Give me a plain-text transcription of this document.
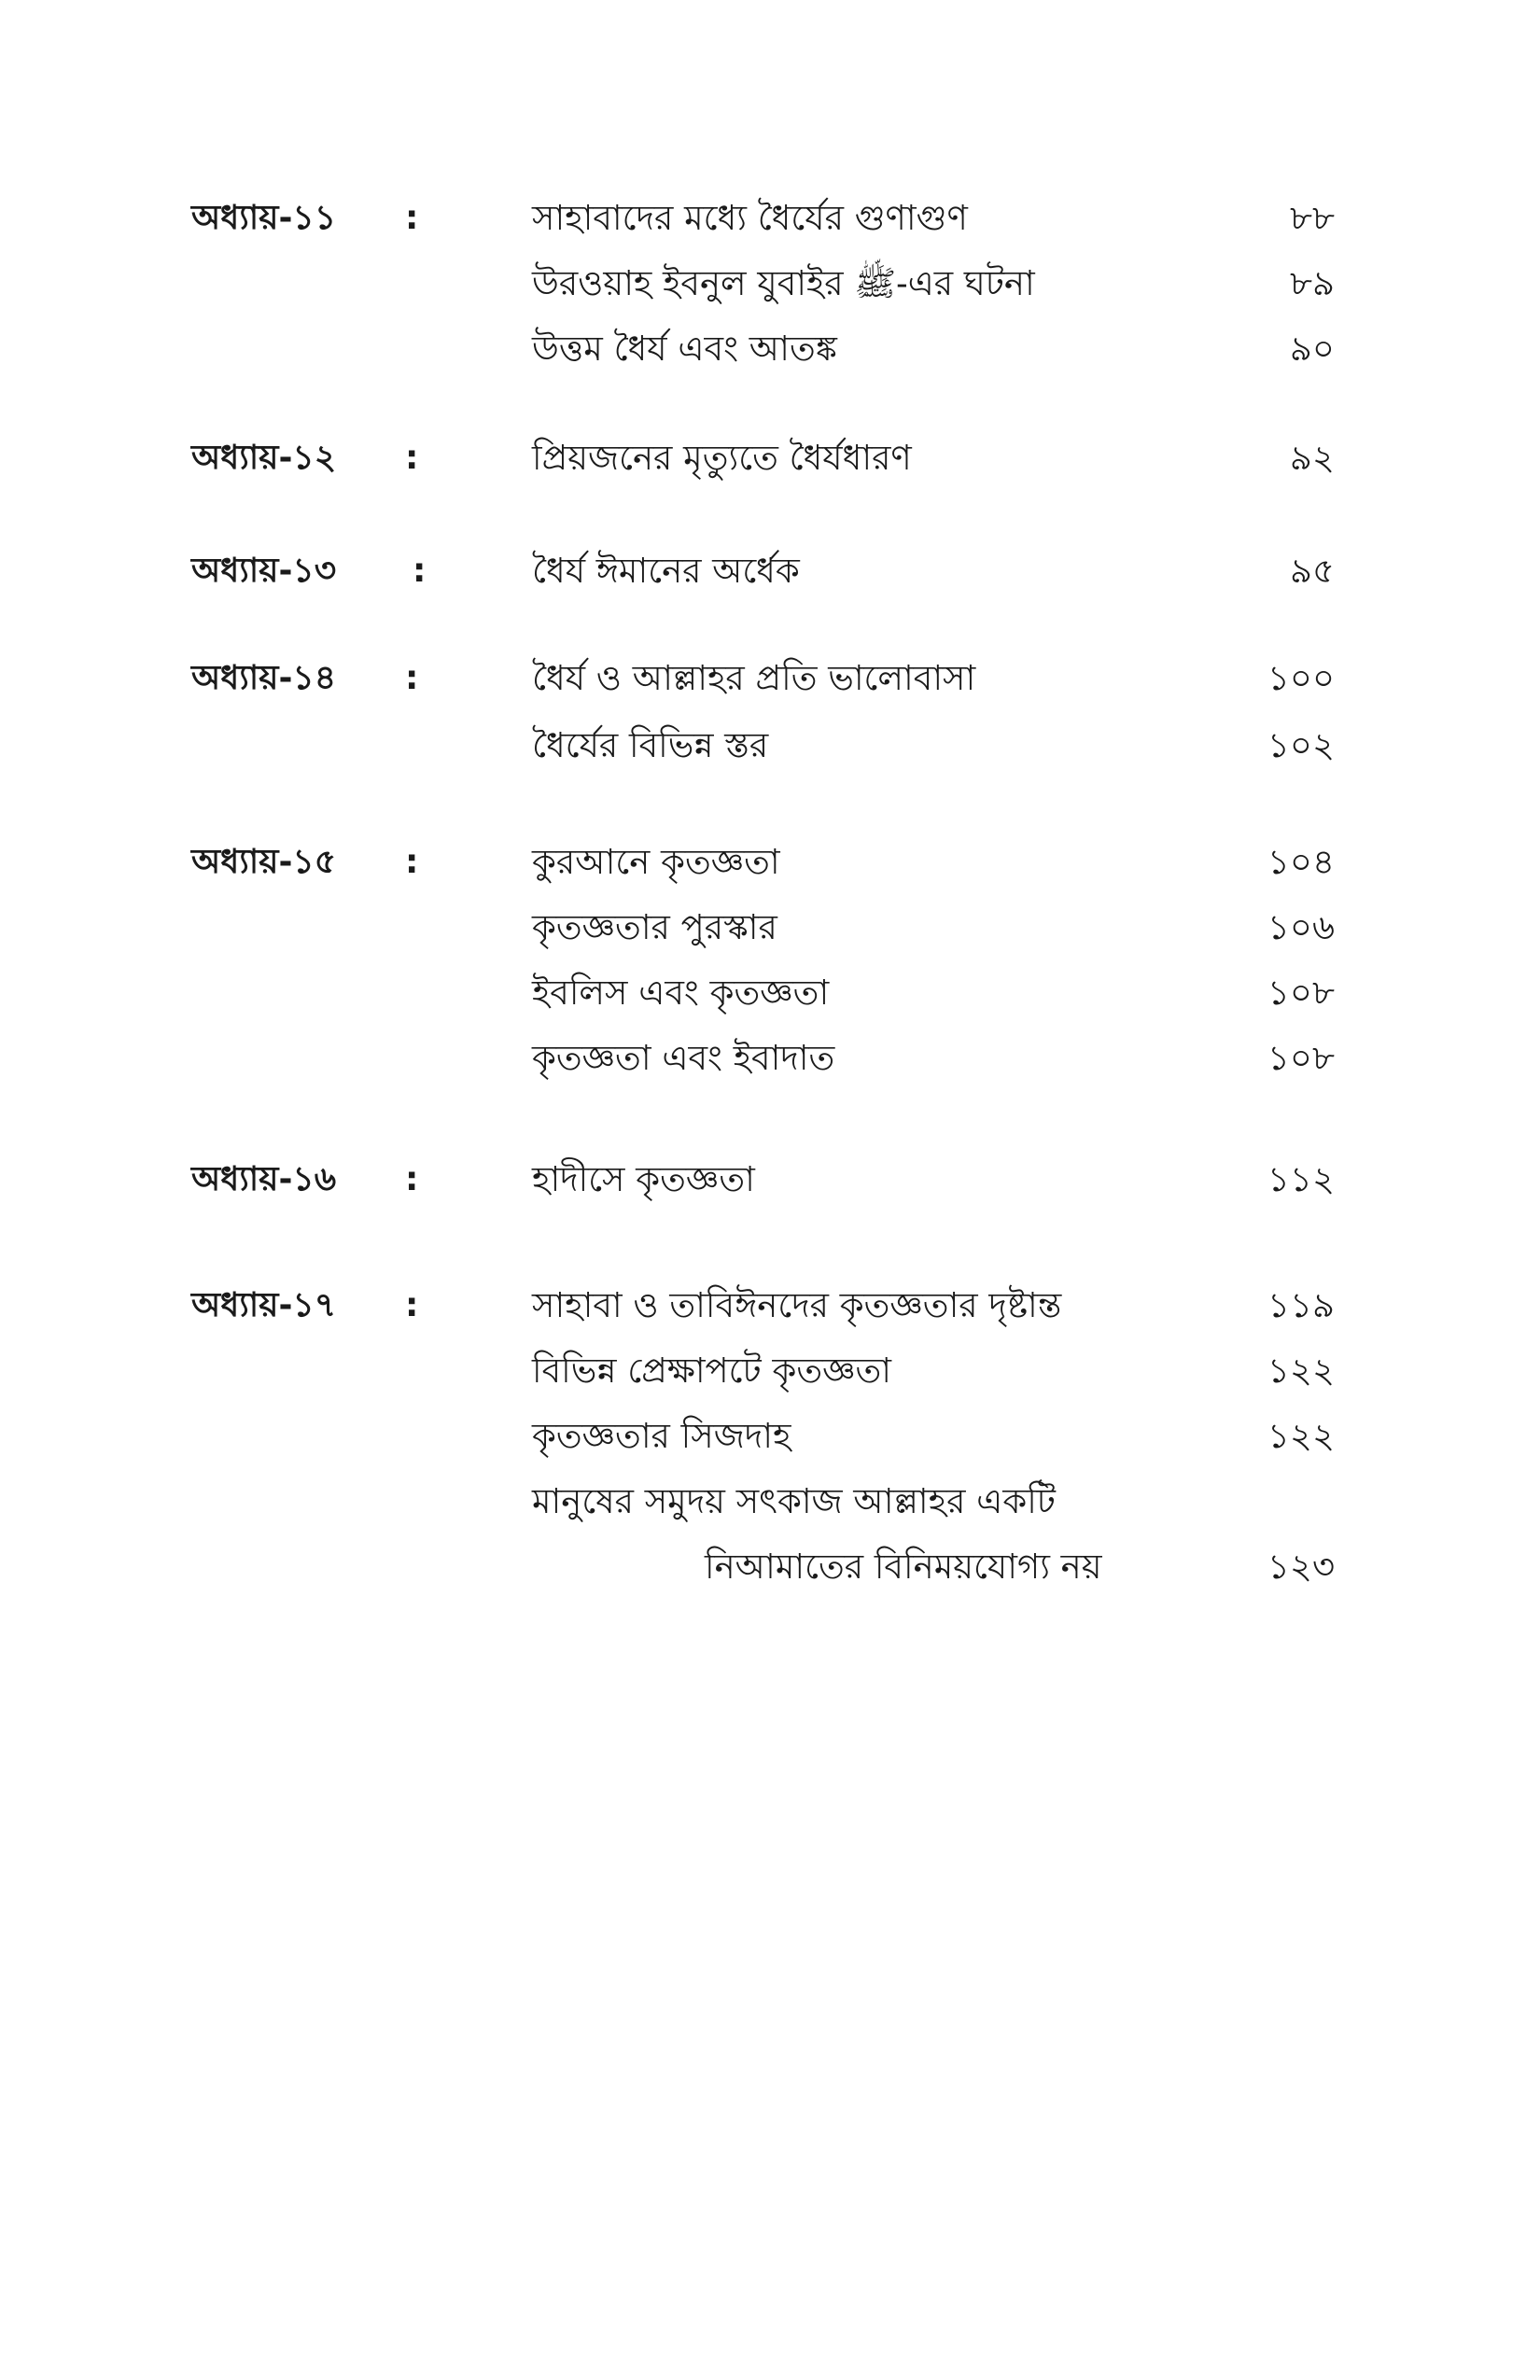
অধ্যায়-১১ :	সাহাবাদের মধ্যে ধৈর্যের গুণাগুণ	৮৮
উরওয়াহ ইবনুল যুবাইর ﷺ-এর ঘটনা	৮৯
উত্তম ধৈর্য এবং আতঙ্ক	৯০
অধ্যায়-১২ :	প্রিয়জনের মৃত্যুতে ধৈর্যধারণ	৯২
অধ্যায়-১৩ :	ধৈর্য ঈমানের অর্ধেক	৯৫
অধ্যায়-১৪ :	ধৈর্য ও আল্লাহর প্রতি ভালোবাসা	১০০
ধৈর্যের বিভিন্ন স্তর	১০২
অধ্যায়-১৫ :	কুরআনে কৃতজ্ঞতা	১০৪
কৃতজ্ঞতার পুরস্কার	১০৬
ইবলিস এবং কৃতজ্ঞতা	১০৮
কৃতজ্ঞতা এবং ইবাদাত	১০৮
অধ্যায়-১৬ :	হাদীসে কৃতজ্ঞতা	১১২
অধ্যায়-১৭ :	সাহাবা ও তাবিঈনদের কৃতজ্ঞতার দৃষ্টান্ত	১১৯
বিভিন্ন প্রেক্ষাপটে কৃতজ্ঞতা	১২২
কৃতজ্ঞতার সিজদাহ	১২২
মানুষের সমুদয় সৎকাজ আল্লাহর একটি
নিআমাতের বিনিময়যোগ্য নয়	১২৩
